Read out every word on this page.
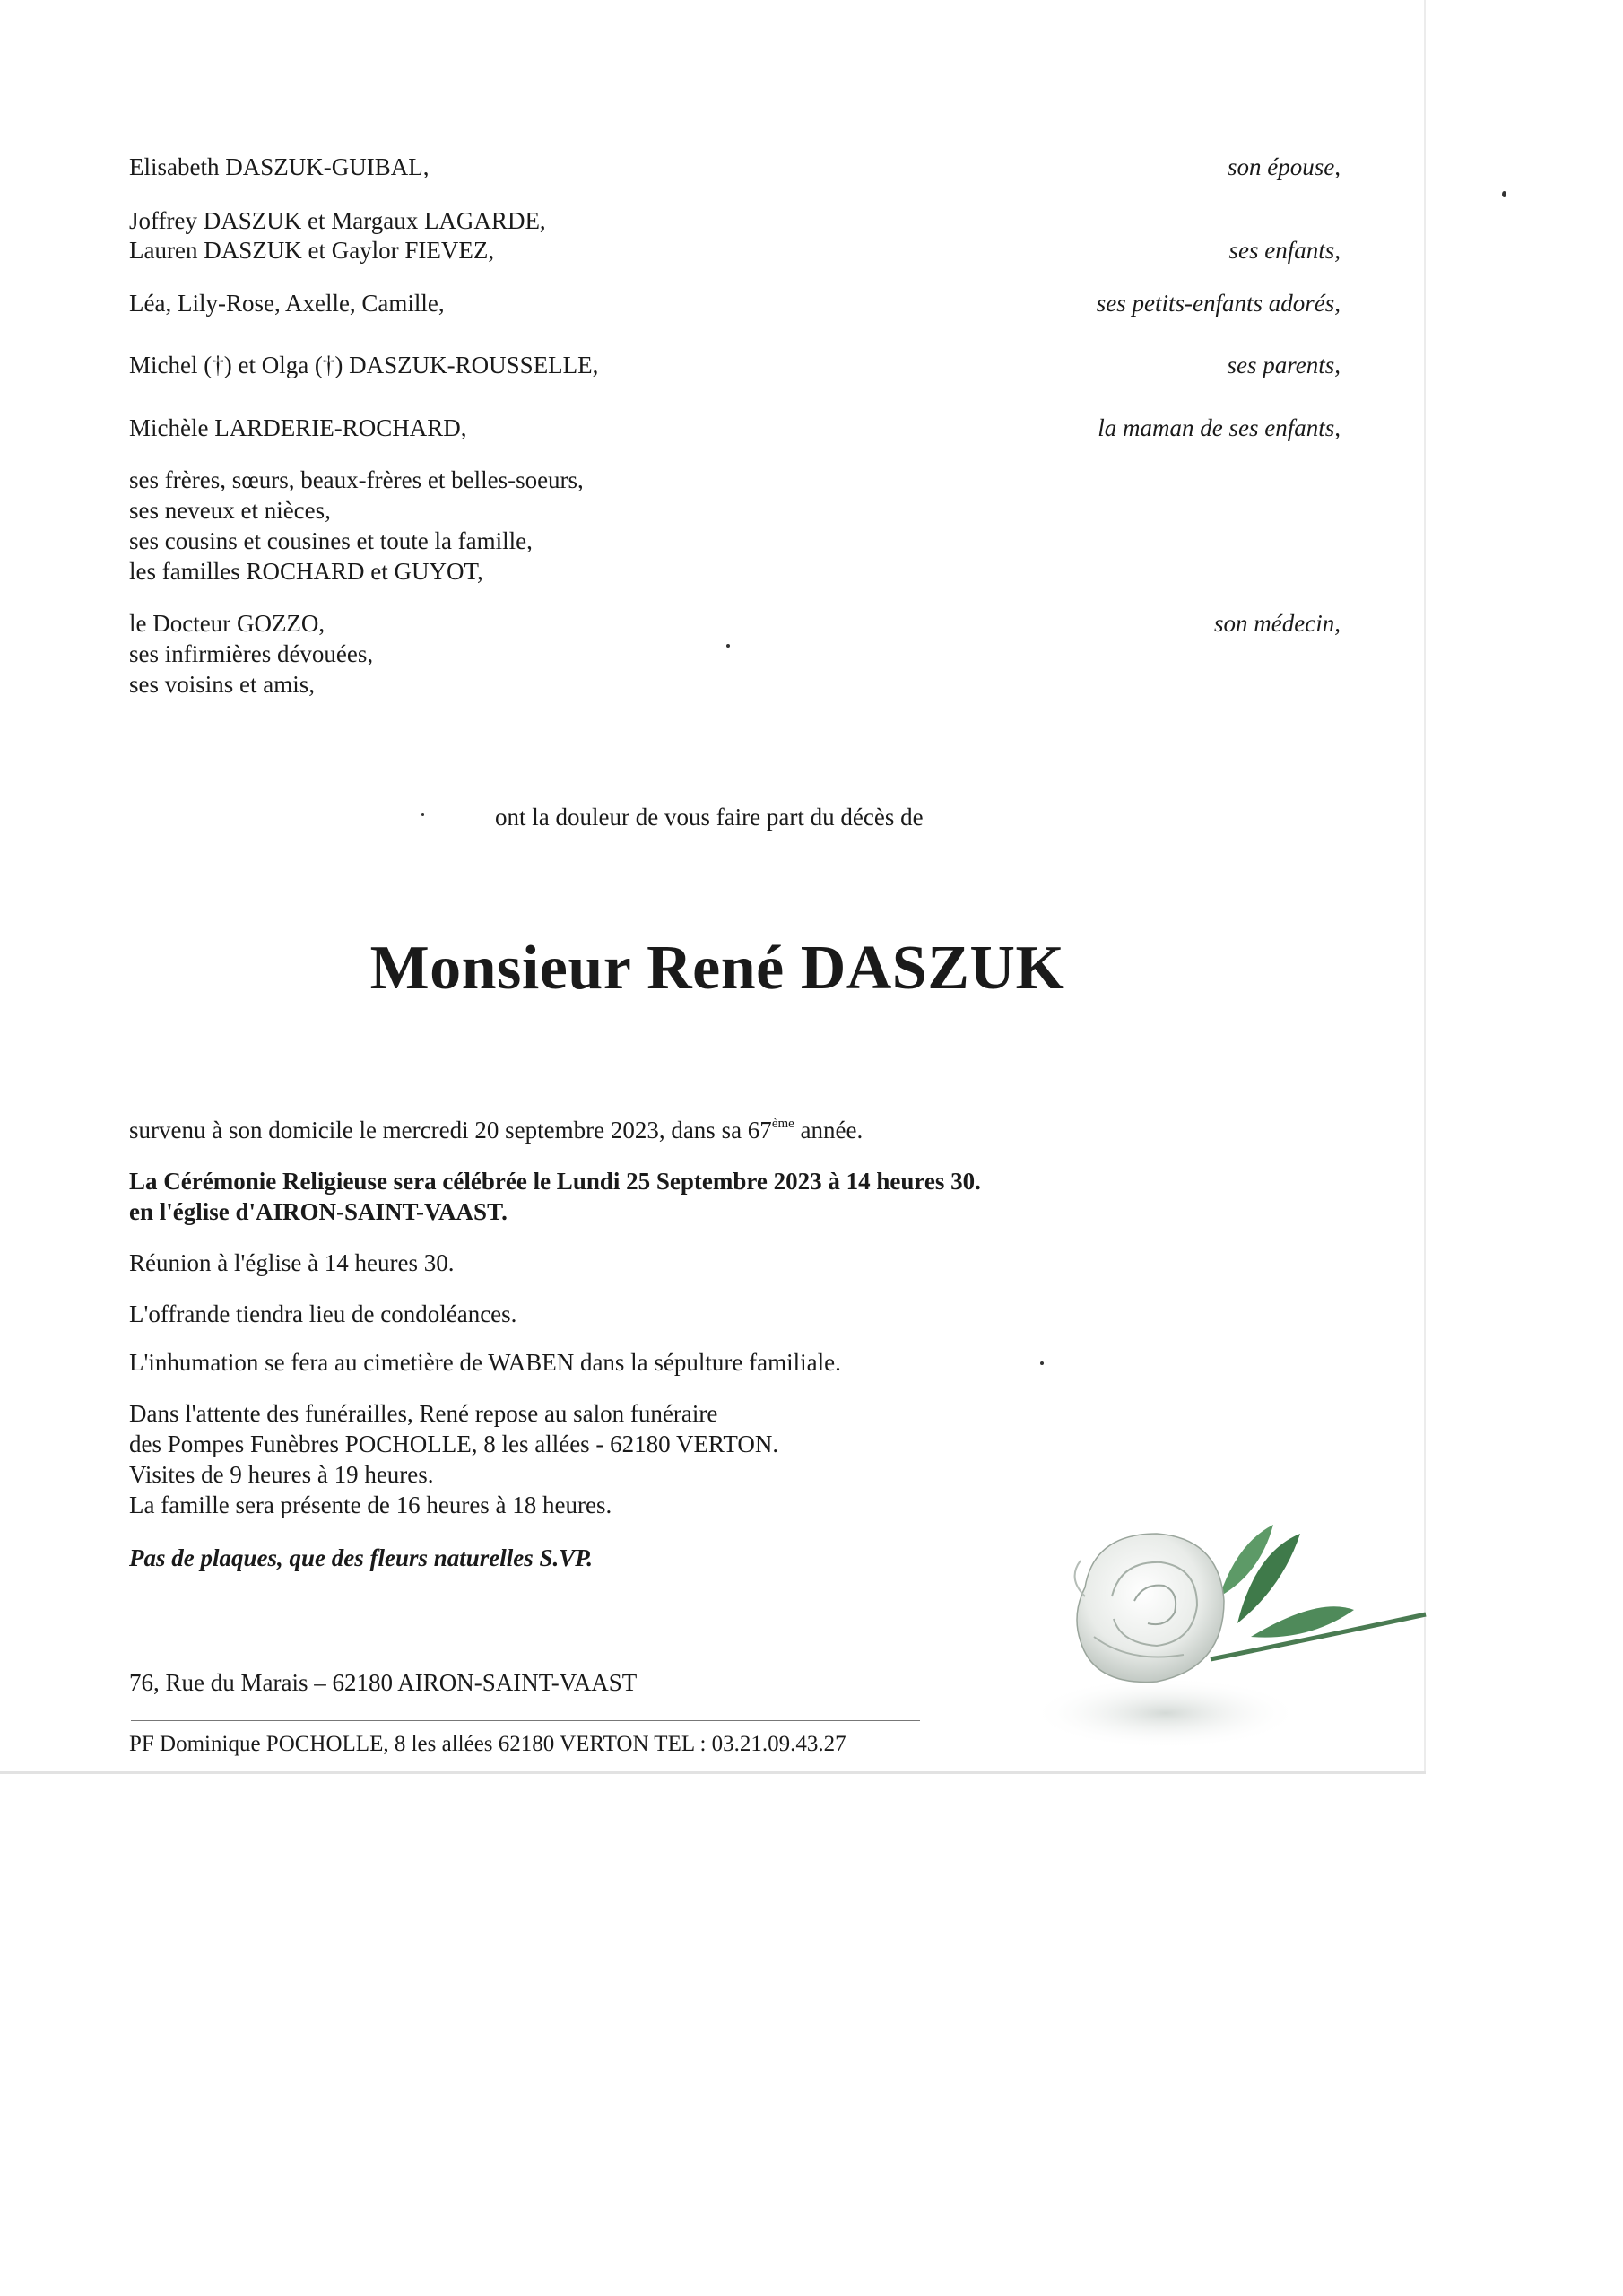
Elisabeth DASZUK-GUIBAL,
Joffrey DASZUK et Margaux LAGARDE,
Lauren DASZUK et Gaylor FIEVEZ,
Léa, Lily-Rose, Axelle, Camille,
Michel (†) et Olga (†) DASZUK-ROUSSELLE,
Michèle LARDERIE-ROCHARD,
ses frères, sœurs, beaux-frères et belles-soeurs,
ses neveux et nièces,
ses cousins et cousines et toute la famille,
les familles ROCHARD et GUYOT,
le Docteur GOZZO,
ses infirmières dévouées,
ses voisins et amis,
son épouse,
ses enfants,
ses petits-enfants adorés,
ses parents,
la maman de ses enfants,
son médecin,
ont la douleur de vous faire part du décès de
Monsieur René DASZUK
survenu à son domicile le mercredi 20 septembre 2023, dans sa 67ème année.
La Cérémonie Religieuse sera célébrée le Lundi 25 Septembre 2023 à 14 heures 30.
en l'église d'AIRON-SAINT-VAAST.
Réunion à l'église à 14 heures 30.
L'offrande tiendra lieu de condoléances.
L'inhumation se fera au cimetière de WABEN dans la sépulture familiale.
Dans l'attente des funérailles, René repose au salon funéraire
des Pompes Funèbres POCHOLLE, 8 les allées - 62180 VERTON.
Visites de 9 heures à 19 heures.
La famille sera présente de 16 heures à 18 heures.
Pas de plaques, que des fleurs naturelles S.VP.
76, Rue du Marais – 62180 AIRON-SAINT-VAAST
PF Dominique POCHOLLE, 8 les allées 62180 VERTON TEL : 03.21.09.43.27
